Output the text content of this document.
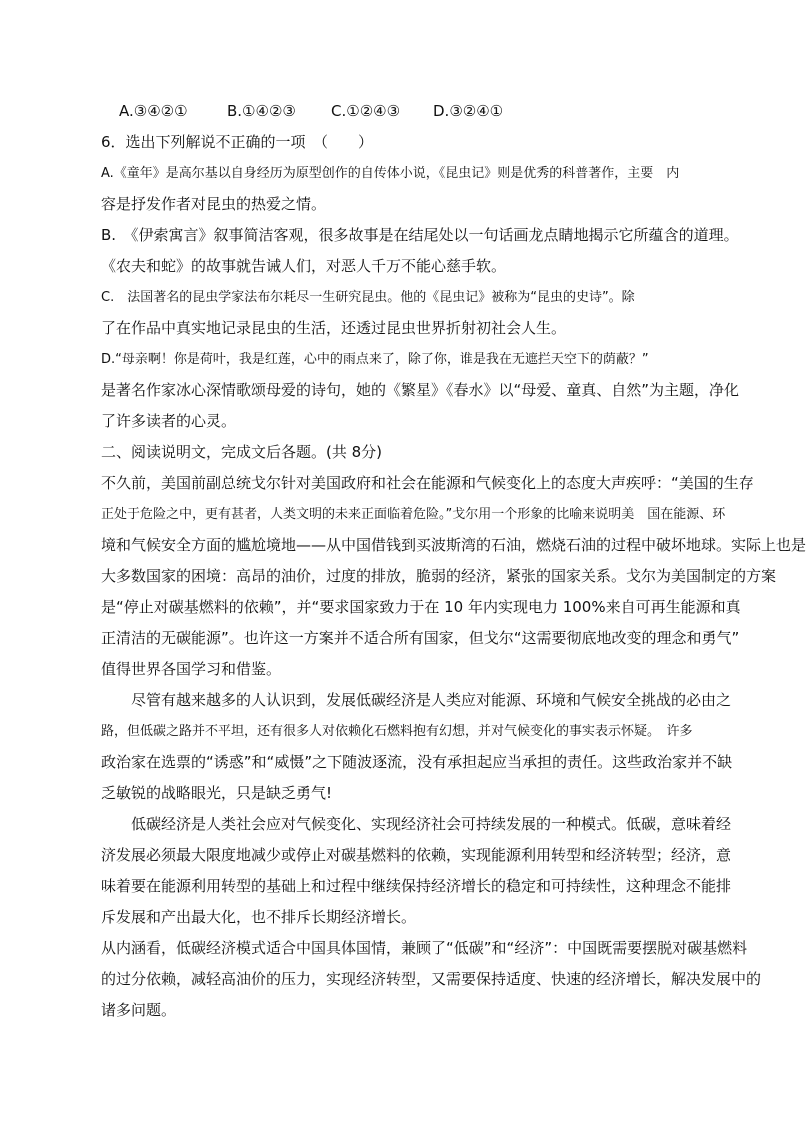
A.③④②①	B.①④②③	C.①②④③	D.③②④①
6．选出下列解说不正确的一项　（　　）
A.《童年》是高尔基以自身经历为原型创作的自传体小说，《昆虫记》则是优秀的科普著作，主要　内
容是抒发作者对昆虫的热爱之情。
B.　《伊索寓言》叙事简洁客观，很多故事是在结尾处以一句话画龙点睛地揭示它所蕴含的道理。
《农夫和蛇》的故事就告诫人们，对恶人千万不能心慈手软。
C.　法国著名的昆虫学家法布尔耗尽一生研究昆虫。他的《昆虫记》被称为“昆虫的史诗”。除
了在作品中真实地记录昆虫的生活，还透过昆虫世界折射初社会人生。
D.“母亲啊！你是荷叶，我是红莲，心中的雨点来了，除了你，谁是我在无遮拦天空下的荫蔽？”
是著名作家冰心深情歌颂母爱的诗句，她的《繁星》《春水》以“母爱、童真、自然”为主题，净化
了许多读者的心灵。
二、阅读说明文，完成文后各题。(共 8分)
不久前，美国前副总统戈尔针对美国政府和社会在能源和气候变化上的态度大声疾呼：“美国的生存
正处于危险之中，更有甚者，人类文明的未来正面临着危险。”戈尔用一个形象的比喻来说明美　国在能源、环
境和气候安全方面的尴尬境地——从中国借钱到买波斯湾的石油，燃烧石油的过程中破坏地球。实际上也是
大多数国家的困境：高昂的油价，过度的排放，脆弱的经济，紧张的国家关系。戈尔为美国制定的方案
是“停止对碳基燃料的依赖”，并“要求国家致力于在 10 年内实现电力 100%来自可再生能源和真
正清洁的无碳能源”。也许这一方案并不适合所有国家，但戈尔“这需要彻底地改变的理念和勇气”
值得世界各国学习和借鉴。
尽管有越来越多的人认识到，发展低碳经济是人类应对能源、环境和气候安全挑战的必由之
路，但低碳之路并不平坦，还有很多人对依赖化石燃料抱有幻想，并对气候变化的事实表示怀疑。　许多
政治家在选票的“诱惑”和“威慑”之下随波逐流，没有承担起应当承担的责任。这些政治家并不缺
乏敏锐的战略眼光，只是缺乏勇气!
低碳经济是人类社会应对气候变化、实现经济社会可持续发展的一种模式。低碳，意味着经
济发展必须最大限度地减少或停止对碳基燃料的依赖，实现能源利用转型和经济转型；经济，意
味着要在能源利用转型的基础上和过程中继续保持经济增长的稳定和可持续性，这种理念不能排
斥发展和产出最大化，也不排斥长期经济增长。
从内涵看，低碳经济模式适合中国具体国情，兼顾了“低碳”和“经济”：中国既需要摆脱对碳基燃料
的过分依赖，减轻高油价的压力，实现经济转型，又需要保持适度、快速的经济增长，解决发展中的
诸多问题。
